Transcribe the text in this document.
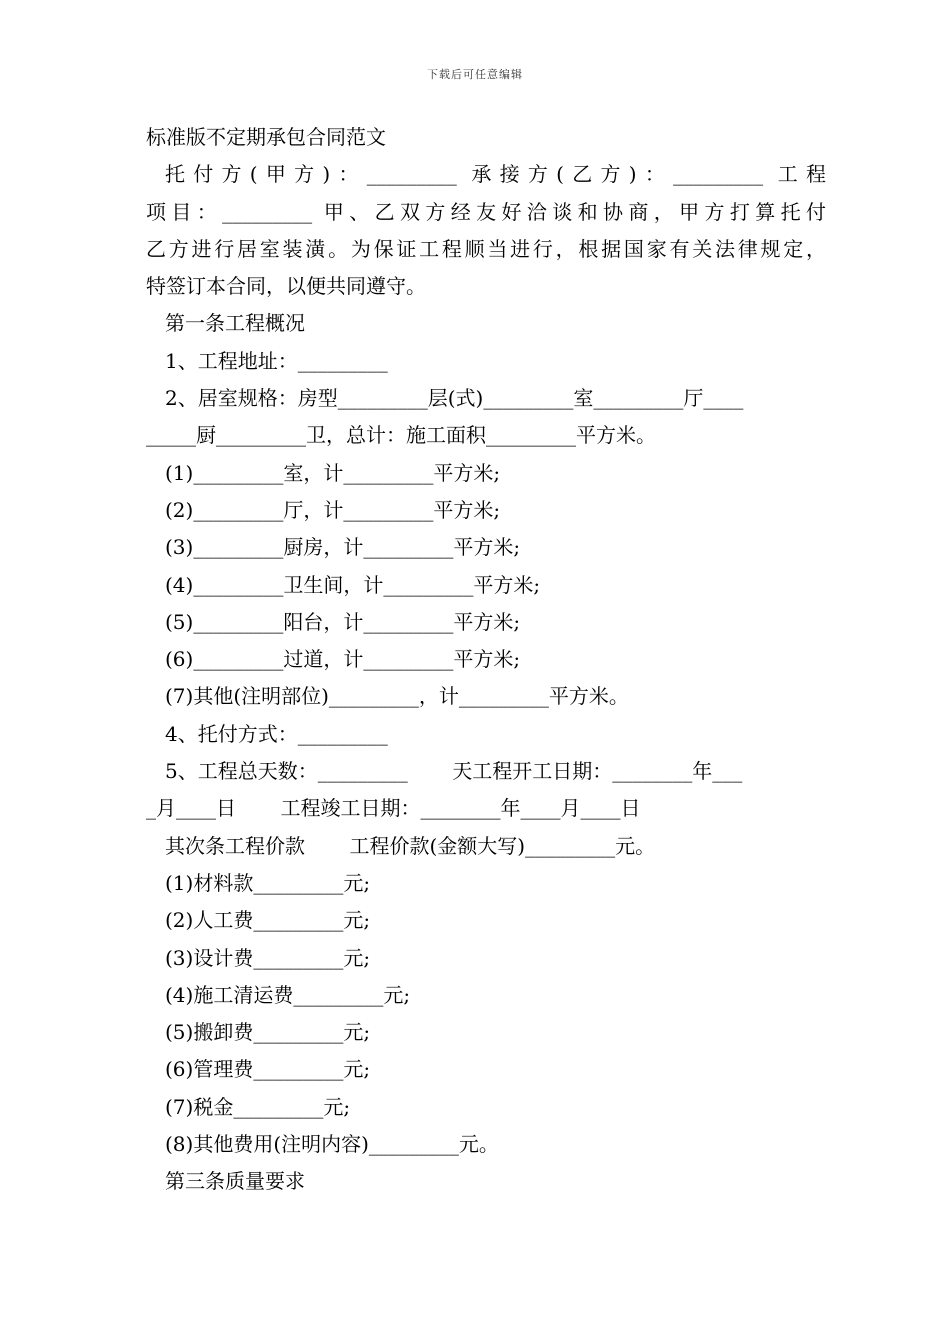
下载后可任意编辑

标准版不定期承包合同范文

托付方(甲方)：_________ 承接方(乙方)：_________ 工程

项目：_________ 甲、乙双方经友好洽谈和协商，甲方打算托付

乙方进行居室装潢。为保证工程顺当进行，根据国家有关法律规定，

特签订本合同，以便共同遵守。

第一条工程概况

1、工程地址：_________

2、居室规格：房型_________层(式)_________室_________厅____

_____厨_________卫，总计：施工面积_________平方米。

(1)_________室，计_________平方米;

(2)_________厅，计_________平方米;

(3)_________厨房，计_________平方米;

(4)_________卫生间，计_________平方米;

(5)_________阳台，计_________平方米;

(6)_________过道，计_________平方米;

(7)其他(注明部位)_________，计_________平方米。

4、托付方式：_________

5、工程总天数：_________       天工程开工日期：________年___

_月____日       工程竣工日期：________年____月____日

其次条工程价款       工程价款(金额大写)_________元。

(1)材料款_________元;

(2)人工费_________元;

(3)设计费_________元;

(4)施工清运费_________元;

(5)搬卸费_________元;

(6)管理费_________元;

(7)税金_________元;

(8)其他费用(注明内容)_________元。

第三条质量要求
